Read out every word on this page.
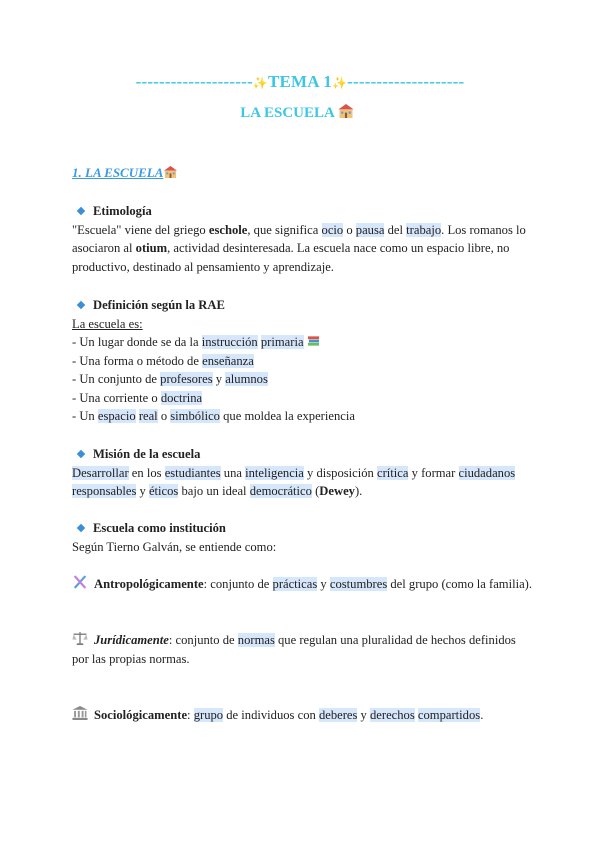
--------------------✨TEMA 1✨--------------------
LA ESCUELA
1. LA ESCUELA
Etimología
"Escuela" viene del griego eschole, que significa ocio o pausa del trabajo. Los romanos lo asociaron al otium, actividad desinteresada. La escuela nace como un espacio libre, no productivo, destinado al pensamiento y aprendizaje.
Definición según la RAE
La escuela es:
- Un lugar donde se da la instrucción primaria
- Una forma o método de enseñanza
- Un conjunto de profesores y alumnos
- Una corriente o doctrina
- Un espacio real o simbólico que moldea la experiencia
Misión de la escuela
Desarrollar en los estudiantes una inteligencia y disposición crítica y formar ciudadanos responsables y éticos bajo un ideal democrático (Dewey).
Escuela como institución
Según Tierno Galván, se entiende como:
Antropológicamente: conjunto de prácticas y costumbres del grupo (como la familia).
Jurídicamente: conjunto de normas que regulan una pluralidad de hechos definidos por las propias normas.
Sociológicamente: grupo de individuos con deberes y derechos compartidos.
